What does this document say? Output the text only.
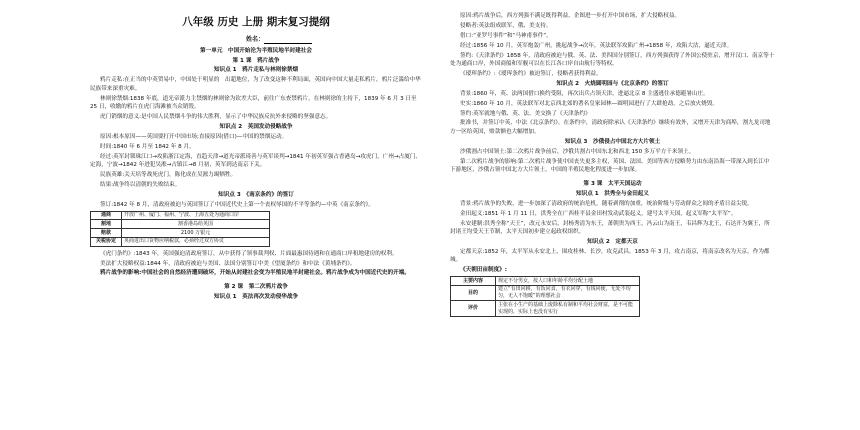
八年级 历史 上册 期末复习提纲
姓名：

第一单元　中国开始沦为半殖民地半封建社会

第 1 课　鸦片战争

知识点 1　鸦片走私与林则徐禁烟

鸦片走私:在正当的中英贸易中，中国处于明显的　出超地位，为了改变这种不利局面，英国向中国大量走私鸦片，鸦片泛滥给中华民族带来深重灾难。

林则徐禁烟:1838 年底，道光帝派力主禁烟的林则徐为钦差大臣，前往广东查禁鸦片，在林则徐的主持下，1839 年 6 月 3 日至 25 日，收缴的鸦片在虎门海滩被当众销毁。

虎门销烟的意义:是中国人民禁烟斗争的伟大胜利，显示了中华民族反抗外来侵略的坚强意志。

知识点 2　英国发动侵略战争

原因:根本原因——英国要打开中国市场;直接原因(借口)—中国的禁烟运动。

时间:1840 年 6 月至 1842 年 8 月。

经过:英军封锁珠江口→攻陷浙江定海，直趋天津→道光帝派琦善与英军谈判→1841 年初英军强占香港岛→攻虎门，广州→占厦门、定海，宁波→1842 年进犯吴淞→占镇江→8 月初，英军到达南京下关。

民族英雄:关天培等战死虎门，陈化成在吴淞力竭牺牲。

结果:战争终以清朝的失败结束。

知识点 3　《南京条约》的签订

签订:1842 年 8 月，清政府被迫与英国签订了中国近代史上第一个丧权辱国的不平等条约—中英《南京条约》。

通商	开放广州、厦门、福州、宁波、上海五处为通商口岸
割地	割香港岛给英国
赔款	2100 万银元
关税协定	英商进出口货物应纳税款，必须经过双方协议

《虎门条约》:1843 年，英国强迫清政府签订，从中获得了领事裁判权、片面最惠国待遇和在通商口岸租地建房的权利。

美法扩大侵略权益:1844 年，清政府被迫与美国、法国分别签订中美《望厦条约》和中法《黄埔条约》。

鸦片战争的影响:中国社会的自然经济遭到破坏，开始从封建社会变为半殖民地半封建社会。鸦片战争成为中国近代史的开端。

第 2 课　第二次鸦片战争

知识点 1　英法再次发动侵华战争

原因:鸦片战争后，西方列强不满足既得利益，企图进一步打开中国市场，扩大侵略权益。

侵略者:英法组成联军，俄、美支持。

借口:“亚罗号事件”和“马神甫事件”。

经过:1856 年 10 月，英军炮轰广州，挑起战争→次年，英法联军攻陷广州→1858 年，攻陷大沽，逼近天津。

签约:《天津条约》1858 年，清政府被迫与俄、英、法、美四国分别签订，西方列强获得了外国公使驻京，增开汉口、南京等十处为通商口岸，外国商船和军舰可以在长江各口岸自由航行等特权。

《瑷珲条约》:《瑷珲条约》被迫签订，侵略者获得利益。

知识点 2　火烧圆明园与《北京条约》的签订

背景:1860 年，英、法两国借口换约受阻，再次出兵占领天津，进逼北京 8 主盛逃往承德避暑山庄。

史实:1860 年 10 月，英法联军对北京西北郊的著名皇家园林—圆明园进行了大肆抢劫，之后放火烧毁。

签约:英军就地与俄、英、法、美交换了《天津条约》

批准书，并签订中英、中法《北京条约》。在条约中，清政府除承认《天津条约》继续有效外，又增开天津为商埠，割九龙司地方一区给英国，赔款额也大幅增加。

知识点 3　沙俄侵占中国北方大片领土

沙俄割占中国领土:第二次鸦片战争前后，沙俄共割占中国东北和西北 150 多万平方千米领土。

第二次鸦片战争的影响:第二次鸦片战争使中国丧失更多主权，英国、法国、美国等西方侵略势力由东南沿海一带深入到长江中下游地区，沙俄占领中国北方大片领土。中国的半殖民地化程度进一步加深。

第 3 课　太平天国运动

知识点 1　洪秀全与金田起义

背景:鸦片战争的失败，进一步加深了清政府的统治危机，随着剥削的加重，统治阶级与劳动群众之间的矛盾日益尖锐。

金田起义:1851 年 1 月 11 日，洪秀全在广西桂平县金田村发动武装起义，建号太平天国，起义军称“太平军”。

永安建制:洪秀全称“天王”，改元永安后，封杨秀清为东王，萧朝贵为西王，冯云山为南王，韦昌辉为北王，石达开为翼王，所封诸王均受天王节制，太平天国初步建立起政权组织。

知识点 2　定都天京

定都天京:1852 年，太平军从永安北上，围攻桂林、长沙，攻克武昌。1853 年 3 月，攻占南京，将南京改名为天京，作为都城。

《天朝田亩制度》:

主要内容	规定不分男女，按人口和年龄平均分配土地
目的	建立“有田同耕，有饭同食，有衣同穿，有钱同使，无处不均匀，无人不饱暖”的理想社会
评价	主张在小生产的基础上废除私有制和平均社会财富，是不可能实现的，实际上也没有实行
